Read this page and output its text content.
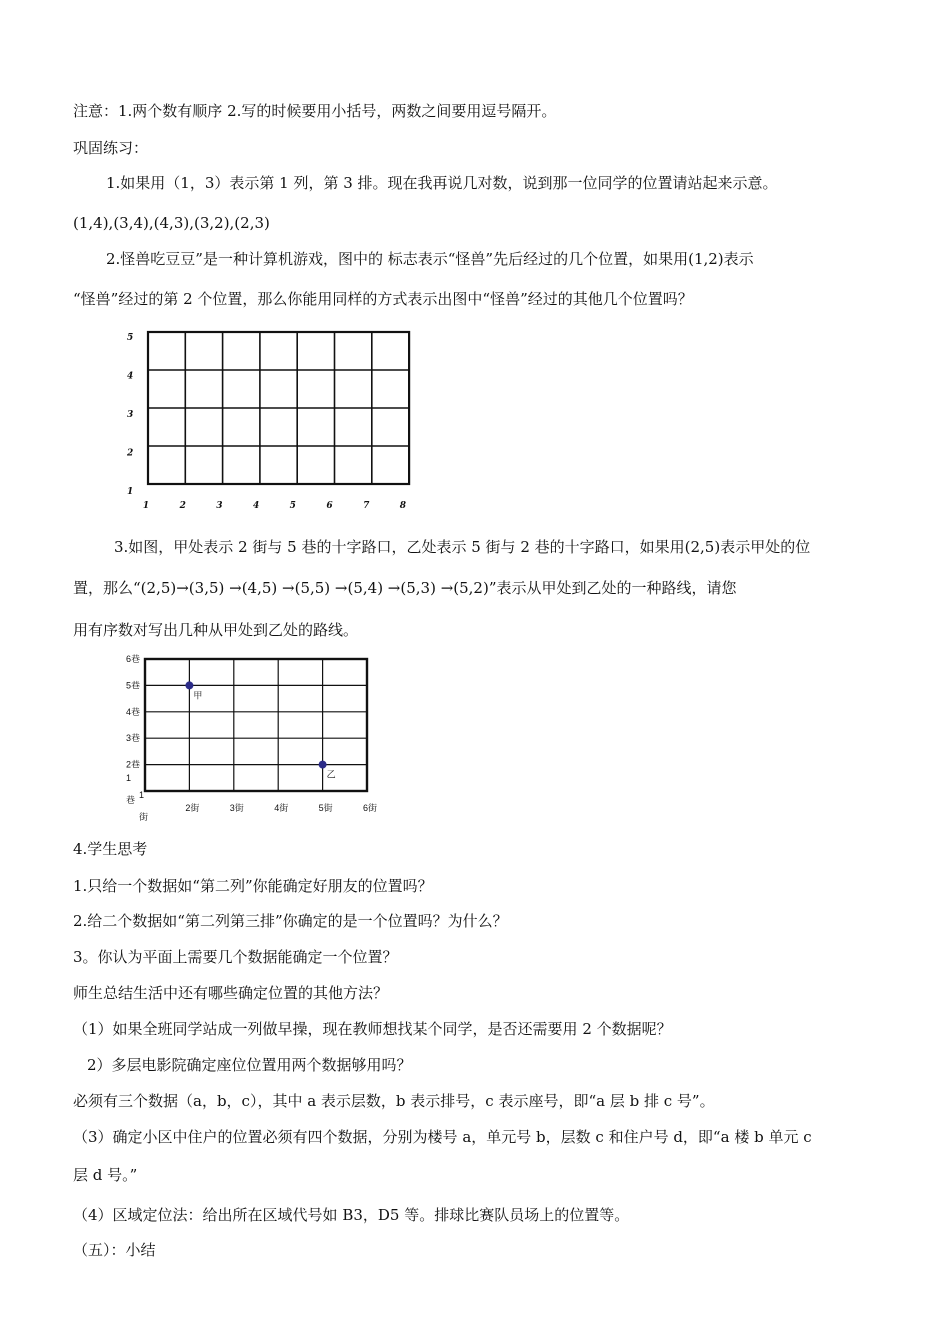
注意：1.两个数有顺序 2.写的时候要用小括号，两数之间要用逗号隔开。
巩固练习：
1.如果用（1，3）表示第 1 列，第 3 排。现在我再说几对数，说到那一位同学的位置请站起来示意。
(1,4),(3,4),(4,3),(3,2),(2,3)
2.怪兽吃豆豆”是一种计算机游戏，图中的 标志表示“怪兽”先后经过的几个位置，如果用(1,2)表示
“怪兽”经过的第 2 个位置，那么你能用同样的方式表示出图中“怪兽”经过的其他几个位置吗？
1	2	3	4	5	6	7	8
5
4
3
2
1
3.如图，甲处表示 2 街与 5 巷的十字路口，乙处表示 5 街与 2 巷的十字路口，如果用(2,5)表示甲处的位
置，那么“(2,5)→(3,5) →(4,5) →(5,5) →(5,4) →(5,3) →(5,2)”表示从甲处到乙处的一种路线，请您
用有序数对写出几种从甲处到乙处的路线。
2街	3街	4街	5街	6街
6巷
5巷
4巷
3巷
2巷
1
巷 1
街
甲
乙
4.学生思考
1.只给一个数据如“第二列”你能确定好朋友的位置吗？
2.给二个数据如“第二列第三排”你确定的是一个位置吗？为什么？
3。你认为平面上需要几个数据能确定一个位置？
师生总结生活中还有哪些确定位置的其他方法？
（1）如果全班同学站成一列做早操，现在教师想找某个同学，是否还需要用 2 个数据呢？
2）多层电影院确定座位位置用两个数据够用吗？
必须有三个数据（a，b，c），其中 a 表示层数，b 表示排号，c 表示座号，即“a 层 b 排 c 号”。
（3）确定小区中住户的位置必须有四个数据，分别为楼号 a，单元号 b，层数 c 和住户号 d，即“a 楼 b 单元 c
层 d 号。”
（4）区域定位法：给出所在区域代号如 B3，D5 等。排球比赛队员场上的位置等。
（五）：小结
